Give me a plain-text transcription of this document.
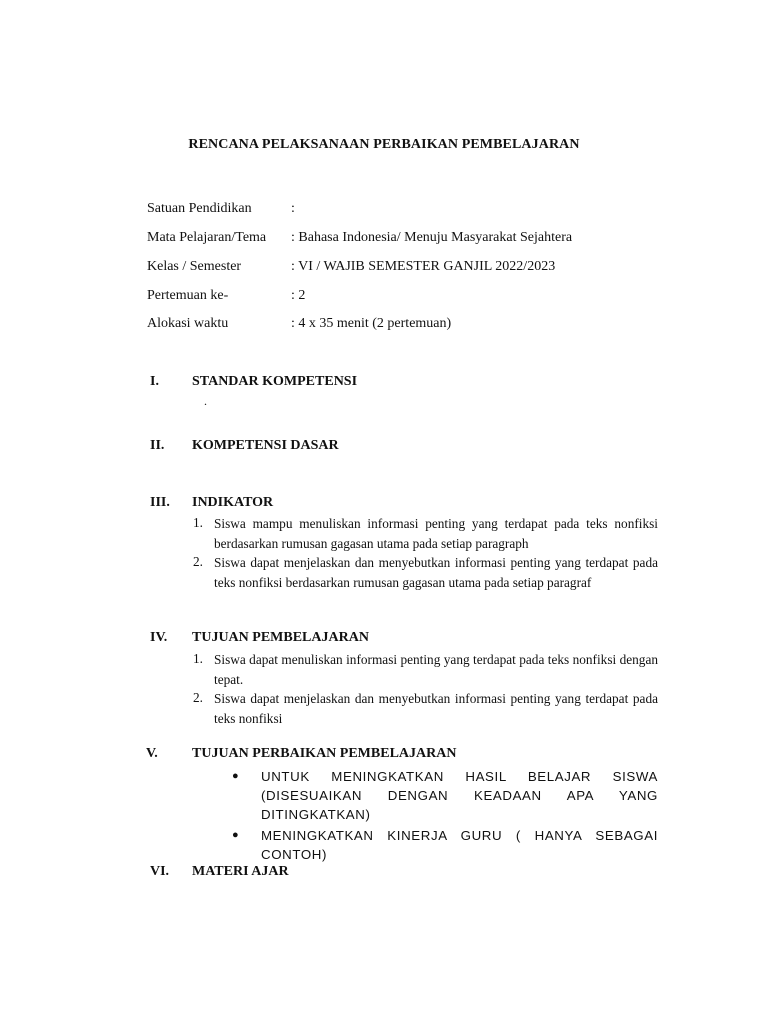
RENCANA PELAKSANAAN PERBAIKAN PEMBELAJARAN
Satuan Pendidikan	:
Mata Pelajaran/Tema : Bahasa Indonesia/ Menuju Masyarakat Sejahtera
Kelas / Semester	: VI / WAJIB SEMESTER GANJIL 2022/2023
Pertemuan ke-	: 2
Alokasi waktu	: 4 x 35 menit (2 pertemuan)
I. STANDAR KOMPETENSI
.
II. KOMPETENSI DASAR
III. INDIKATOR
1. Siswa mampu menuliskan informasi penting yang terdapat pada teks nonfiksi berdasarkan rumusan gagasan utama pada setiap paragraph
2. Siswa dapat menjelaskan dan menyebutkan informasi penting yang terdapat pada teks nonfiksi berdasarkan rumusan gagasan utama pada setiap paragraf
IV. TUJUAN PEMBELAJARAN
1. Siswa dapat menuliskan informasi penting yang terdapat pada teks nonfiksi dengan tepat.
2. Siswa dapat menjelaskan dan menyebutkan informasi penting yang terdapat pada teks nonfiksi
V. TUJUAN PERBAIKAN PEMBELAJARAN
● UNTUK MENINGKATKAN HASIL BELAJAR SISWA (DISESUAIKAN DENGAN KEADAAN APA YANG DITINGKATKAN)
● MENINGKATKAN KINERJA GURU ( HANYA SEBAGAI CONTOH)
VI. MATERI AJAR
